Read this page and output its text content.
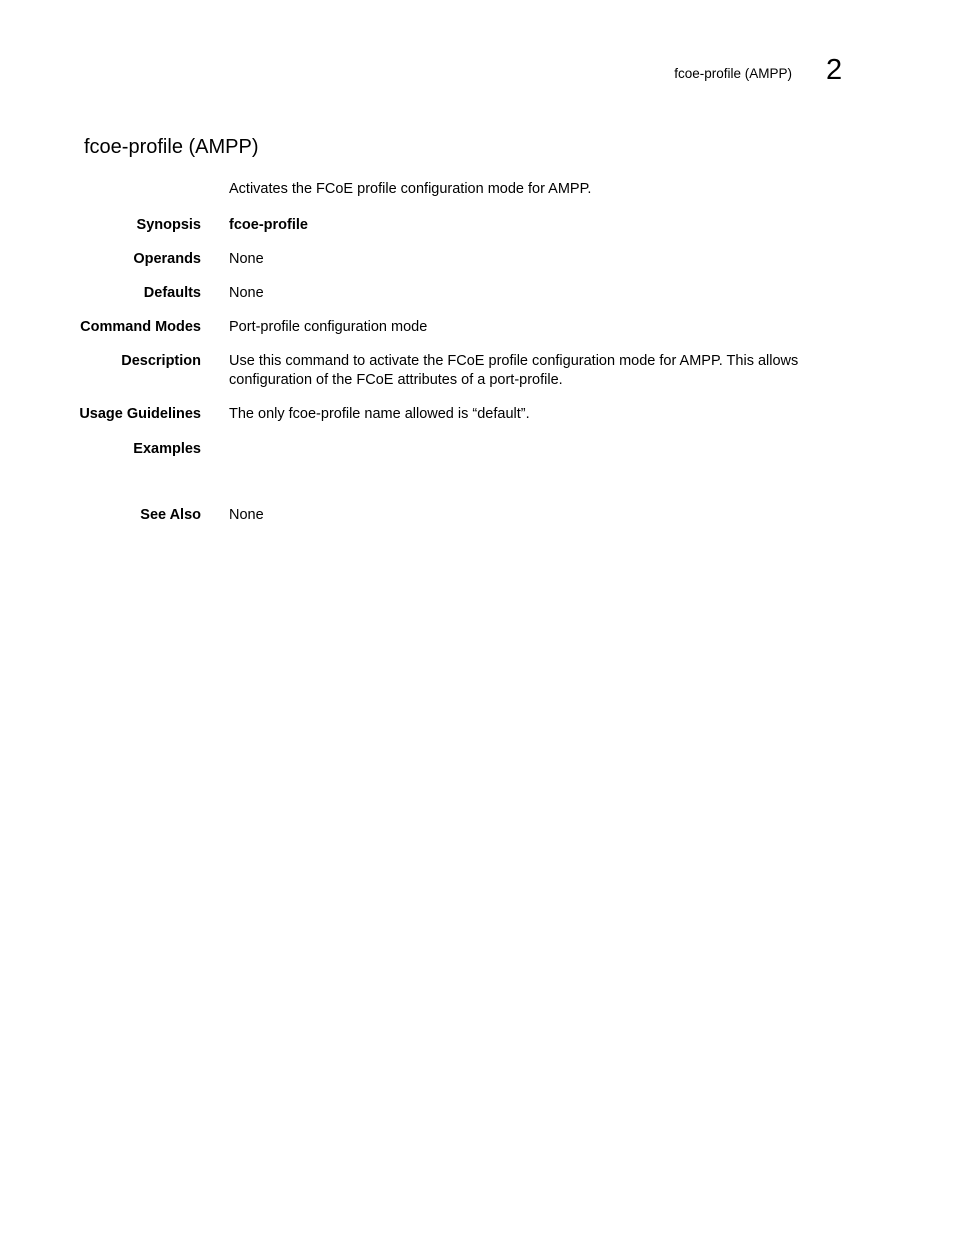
fcoe-profile (AMPP) 2
fcoe-profile (AMPP)
Activates the FCoE profile configuration mode for AMPP.
Synopsis fcoe-profile
Operands None
Defaults None
Command Modes Port-profile configuration mode
Description Use this command to activate the FCoE profile configuration mode for AMPP. This allows
configuration of the FCoE attributes of a port-profile.
Usage Guidelines The only fcoe-profile name allowed is “default”.
Examples
See Also None
